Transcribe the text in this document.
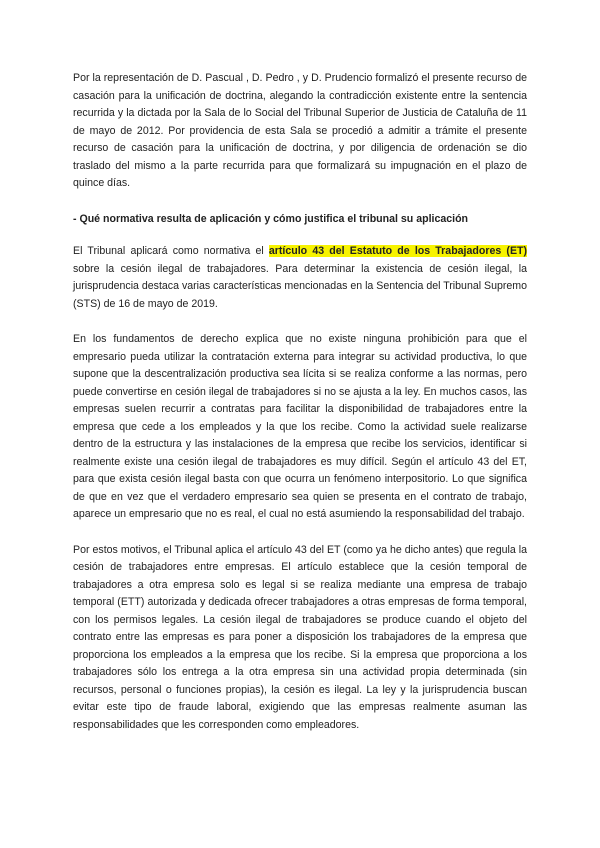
Por la representación de D. Pascual , D. Pedro , y D. Prudencio formalizó el presente recurso de casación para la unificación de doctrina, alegando la contradicción existente entre la sentencia recurrida y la dictada por la Sala de lo Social del Tribunal Superior de Justicia de Cataluña de 11 de mayo de 2012. Por providencia de esta Sala se procedió a admitir a trámite el presente recurso de casación para la unificación de doctrina, y por diligencia de ordenación se dio traslado del mismo a la parte recurrida para que formalizará su impugnación en el plazo de quince días.

- Qué normativa resulta de aplicación y cómo justifica el tribunal su aplicación

El Tribunal aplicará como normativa el artículo 43 del Estatuto de los Trabajadores (ET) sobre la cesión ilegal de trabajadores. Para determinar la existencia de cesión ilegal, la jurisprudencia destaca varias características mencionadas en la Sentencia del Tribunal Supremo (STS) de 16 de mayo de 2019.

En los fundamentos de derecho explica que no existe ninguna prohibición para que el empresario pueda utilizar la contratación externa para integrar su actividad productiva, lo que supone que la descentralización productiva sea lícita si se realiza conforme a las normas, pero puede convertirse en cesión ilegal de trabajadores si no se ajusta a la ley. En muchos casos, las empresas suelen recurrir a contratas para facilitar la disponibilidad de trabajadores entre la empresa que cede a los empleados y la que los recibe. Como la actividad suele realizarse dentro de la estructura y las instalaciones de la empresa que recibe los servicios, identificar si realmente existe una cesión ilegal de trabajadores es muy difícil. Según el artículo 43 del ET, para que exista cesión ilegal basta con que ocurra un fenómeno interpositorio. Lo que significa de que en vez que el verdadero empresario sea quien se presenta en el contrato de trabajo, aparece un empresario que no es real, el cual no está asumiendo la responsabilidad del trabajo.

Por estos motivos, el Tribunal aplica el artículo 43 del ET (como ya he dicho antes) que regula la cesión de trabajadores entre empresas. El artículo establece que la cesión temporal de trabajadores a otra empresa solo es legal si se realiza mediante una empresa de trabajo temporal (ETT) autorizada y dedicada ofrecer trabajadores a otras empresas de forma temporal, con los permisos legales. La cesión ilegal de trabajadores se produce cuando el objeto del contrato entre las empresas es para poner a disposición los trabajadores de la empresa que proporciona los empleados a la empresa que los recibe. Si la empresa que proporciona a los trabajadores sólo los entrega a la otra empresa sin una actividad propia determinada (sin recursos, personal o funciones propias), la cesión es ilegal. La ley y la jurisprudencia buscan evitar este tipo de fraude laboral, exigiendo que las empresas realmente asuman las responsabilidades que les corresponden como empleadores.
